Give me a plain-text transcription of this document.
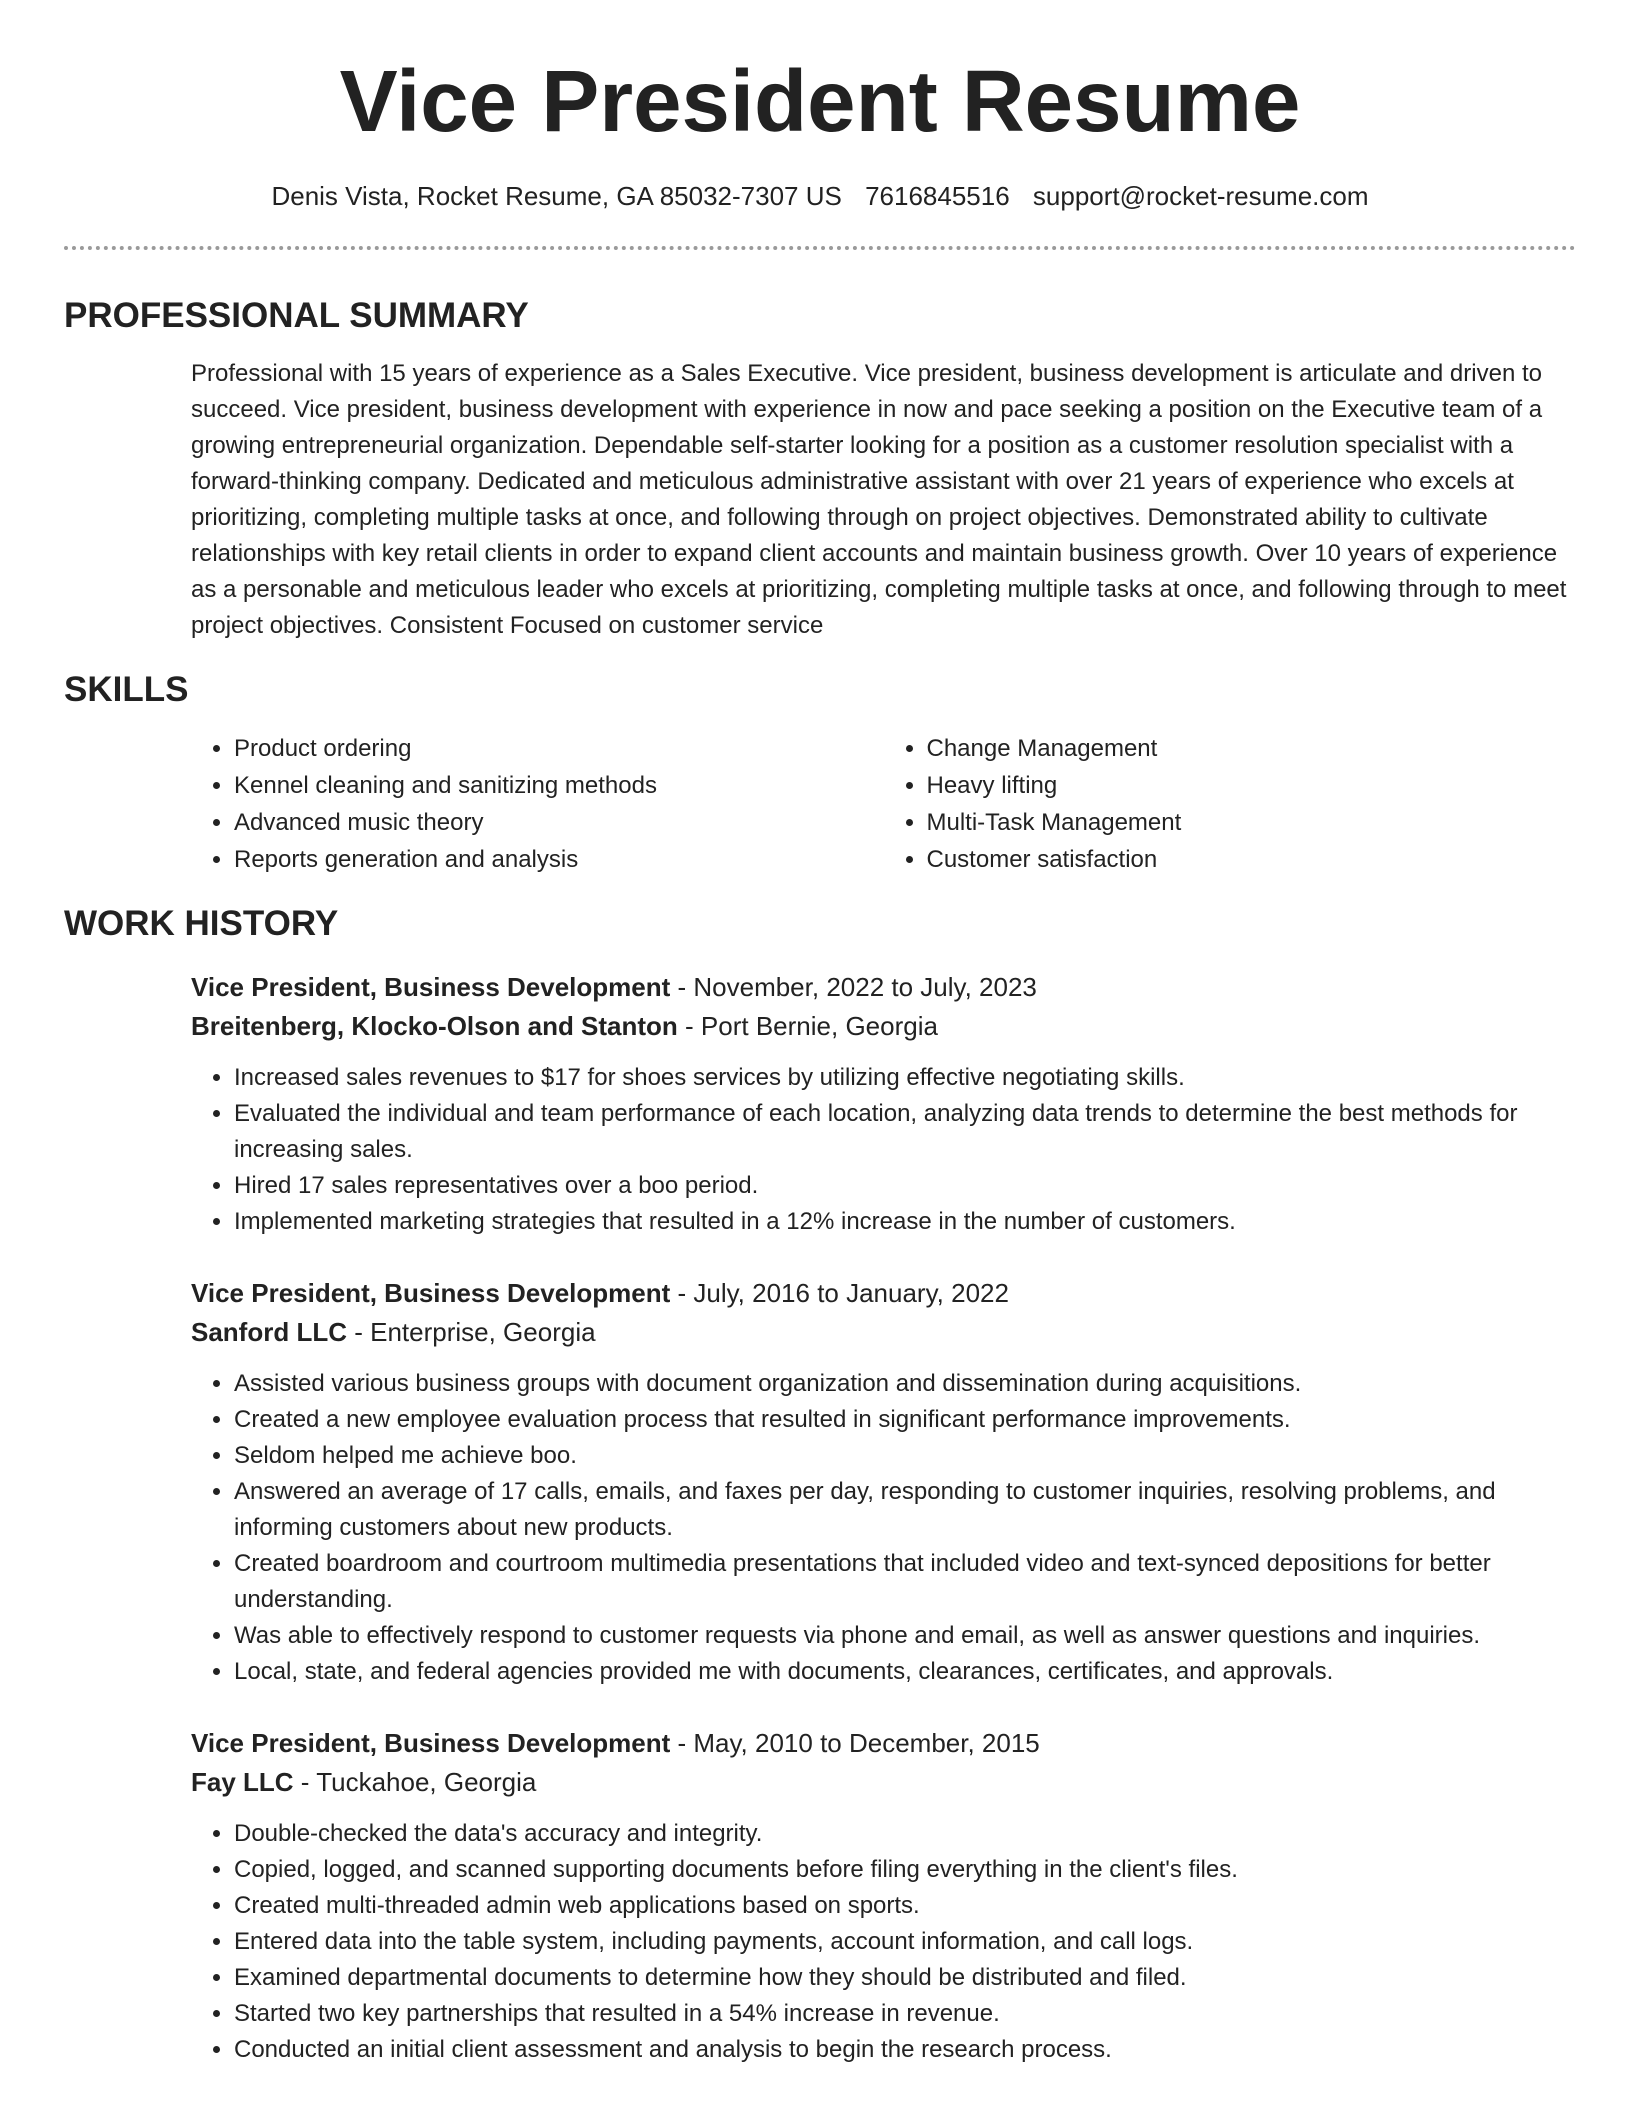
Vice President Resume
Denis Vista, Rocket Resume, GA 85032-7307 US 7616845516 support@rocket-resume.com
PROFESSIONAL SUMMARY
Professional with 15 years of experience as a Sales Executive. Vice president, business development is articulate and driven to succeed. Vice president, business development with experience in now and pace seeking a position on the Executive team of a growing entrepreneurial organization. Dependable self-starter looking for a position as a customer resolution specialist with a forward-thinking company. Dedicated and meticulous administrative assistant with over 21 years of experience who excels at prioritizing, completing multiple tasks at once, and following through on project objectives. Demonstrated ability to cultivate relationships with key retail clients in order to expand client accounts and maintain business growth. Over 10 years of experience as a personable and meticulous leader who excels at prioritizing, completing multiple tasks at once, and following through to meet project objectives. Consistent Focused on customer service
SKILLS
• Product ordering
• Kennel cleaning and sanitizing methods
• Advanced music theory
• Reports generation and analysis
• Change Management
• Heavy lifting
• Multi-Task Management
• Customer satisfaction
WORK HISTORY
Vice President, Business Development - November, 2022 to July, 2023
Breitenberg, Klocko-Olson and Stanton - Port Bernie, Georgia
• Increased sales revenues to $17 for shoes services by utilizing effective negotiating skills.
• Evaluated the individual and team performance of each location, analyzing data trends to determine the best methods for increasing sales.
• Hired 17 sales representatives over a boo period.
• Implemented marketing strategies that resulted in a 12% increase in the number of customers.
Vice President, Business Development - July, 2016 to January, 2022
Sanford LLC - Enterprise, Georgia
• Assisted various business groups with document organization and dissemination during acquisitions.
• Created a new employee evaluation process that resulted in significant performance improvements.
• Seldom helped me achieve boo.
• Answered an average of 17 calls, emails, and faxes per day, responding to customer inquiries, resolving problems, and informing customers about new products.
• Created boardroom and courtroom multimedia presentations that included video and text-synced depositions for better understanding.
• Was able to effectively respond to customer requests via phone and email, as well as answer questions and inquiries.
• Local, state, and federal agencies provided me with documents, clearances, certificates, and approvals.
Vice President, Business Development - May, 2010 to December, 2015
Fay LLC - Tuckahoe, Georgia
• Double-checked the data's accuracy and integrity.
• Copied, logged, and scanned supporting documents before filing everything in the client's files.
• Created multi-threaded admin web applications based on sports.
• Entered data into the table system, including payments, account information, and call logs.
• Examined departmental documents to determine how they should be distributed and filed.
• Started two key partnerships that resulted in a 54% increase in revenue.
• Conducted an initial client assessment and analysis to begin the research process.
